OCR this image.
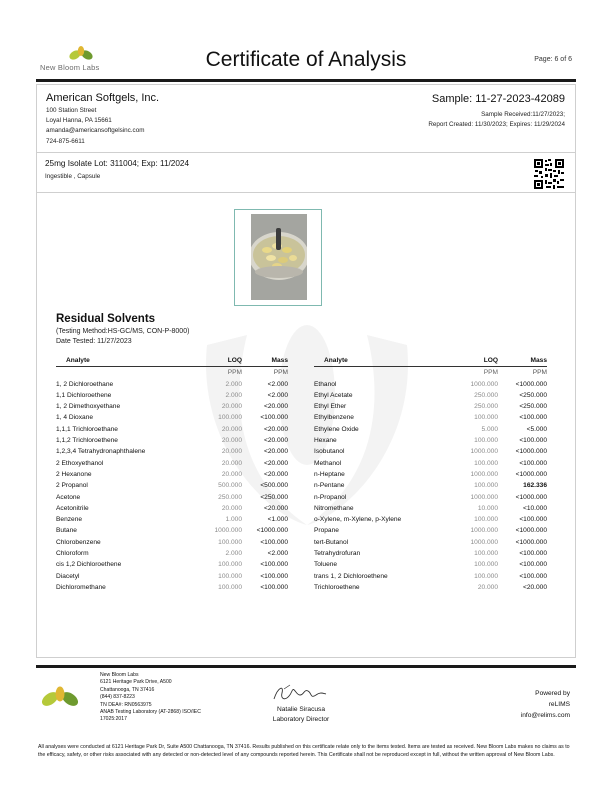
New Bloom Labs	Certificate of Analysis	Page: 6 of 6
American Softgels, Inc.
100 Station Street
Loyal Hanna, PA 15661
amanda@americansoftgelsinc.com
724-875-6611
Sample: 11-27-2023-42089
Sample Received:11/27/2023;
Report Created: 11/30/2023; Expires: 11/29/2024
25mg Isolate Lot: 311004; Exp: 11/2024
Ingestible , Capsule
Residual Solvents
(Testing Method:HS-GC/MS, CON-P-8000)
Date Tested: 11/27/2023
Analyte	LOQ	Mass
	PPM	PPM
1, 2 Dichloroethane	2.000	<2.000
1,1 Dichloroethene	2.000	<2.000
1, 2 Dimethoxyethane	20.000	<20.000
1, 4 Dioxane	100.000	<100.000
1,1,1 Trichloroethane	20.000	<20.000
1,1,2 Trichloroethene	20.000	<20.000
1,2,3,4 Tetrahydronaphthalene	20.000	<20.000
2 Ethoxyethanol	20.000	<20.000
2 Hexanone	20.000	<20.000
2 Propanol	500.000	<500.000
Acetone	250.000	<250.000
Acetonitrile	20.000	<20.000
Benzene	1.000	<1.000
Butane	1000.000	<1000.000
Chlorobenzene	100.000	<100.000
Chloroform	2.000	<2.000
cis 1,2 Dichloroethene	100.000	<100.000
Diacetyl	100.000	<100.000
Dichloromethane	100.000	<100.000
Analyte	LOQ	Mass
	PPM	PPM
Ethanol	1000.000	<1000.000
Ethyl Acetate	250.000	<250.000
Ethyl Ether	250.000	<250.000
Ethylbenzene	100.000	<100.000
Ethylene Oxide	5.000	<5.000
Hexane	100.000	<100.000
Isobutanol	1000.000	<1000.000
Methanol	100.000	<100.000
n-Heptane	1000.000	<1000.000
n-Pentane	100.000	162.336
n-Propanol	1000.000	<1000.000
Nitromethane	10.000	<10.000
o-Xylene, m-Xylene, p-Xylene	100.000	<100.000
Propane	1000.000	<1000.000
tert-Butanol	1000.000	<1000.000
Tetrahydrofuran	100.000	<100.000
Toluene	100.000	<100.000
trans 1, 2 Dichloroethene	100.000	<100.000
Trichloroethene	20.000	<20.000
New Bloom Labs
6121 Heritage Park Drive, A500
Chattanooga, TN 37416
(844) 837-8223
TN DEA#: RN0563975
ANAB Testing Laboratory (AT-2868) ISO/IEC
17025:2017
Natalie Siracusa
Laboratory Director
Powered by
reLIMS
info@relims.com
All analyses were conducted at 6121 Heritage Park Dr, Suite A500 Chattanooga, TN 37416. Results published on this certificate relate only to the items tested. Items are tested as received. New Bloom Labs makes no claims as to the efficacy, safety, or other risks associated with any detected or non-detected level of any compounds reported herein. This Certificate shall not be reproduced except in full, without the written approval of New Bloom Labs.
